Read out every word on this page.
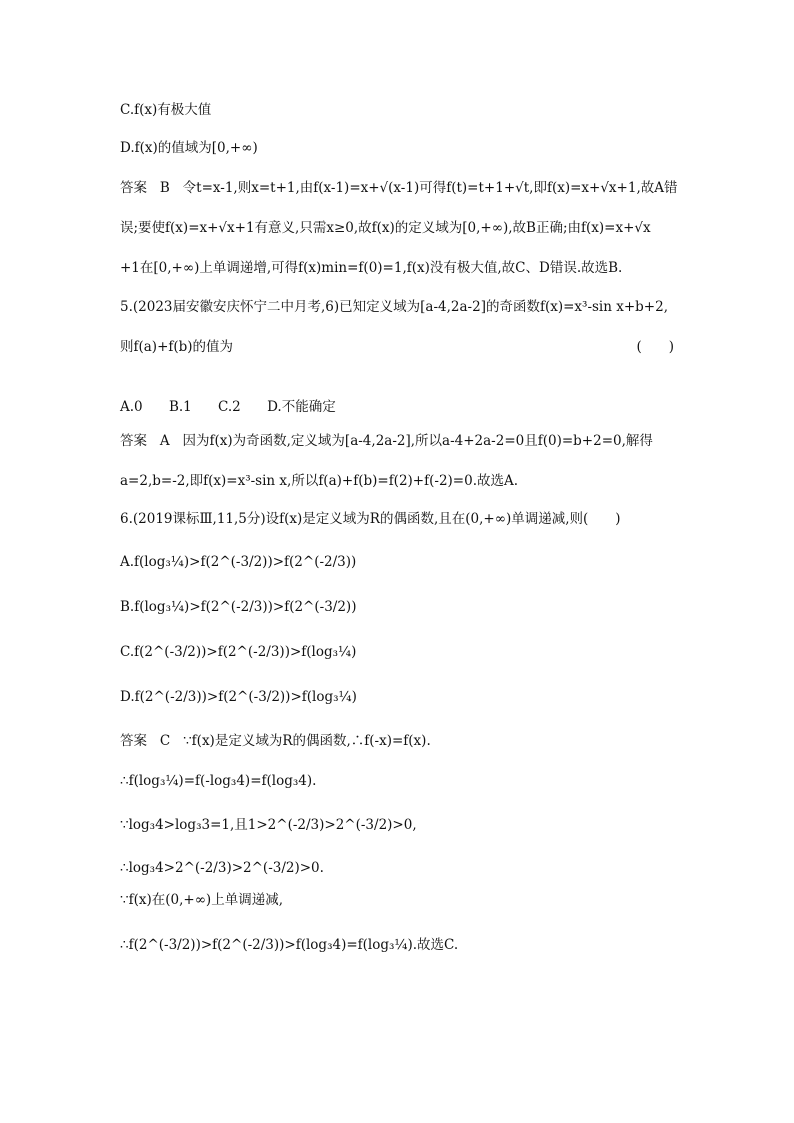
C.f(x)有极大值
D.f(x)的值域为[0,+∞)
答案 B 令t=x-1,则x=t+1,由f(x-1)=x+√(x-1)可得f(t)=t+1+√t,即f(x)=x+√x+1,故A错
误;要使f(x)=x+√x+1有意义,只需x≥0,故f(x)的定义域为[0,+∞),故B正确;由f(x)=x+√x
+1在[0,+∞)上单调递增,可得f(x)min=f(0)=1,f(x)没有极大值,故C、D错误.故选B.
5.(2023届安徽安庆怀宁二中月考,6)已知定义域为[a-4,2a-2]的奇函数f(x)=x³-sin x+b+2,
则f(a)+f(b)的值为	(　　)
A.0 B.1 C.2 D.不能确定
答案 A 因为f(x)为奇函数,定义域为[a-4,2a-2],所以a-4+2a-2=0且f(0)=b+2=0,解得
a=2,b=-2,即f(x)=x³-sin x,所以f(a)+f(b)=f(2)+f(-2)=0.故选A.
6.(2019课标Ⅲ,11,5分)设f(x)是定义域为R的偶函数,且在(0,+∞)单调递减,则(　　)
A.f(log₃¼)>f(2^(-3/2))>f(2^(-2/3))
B.f(log₃¼)>f(2^(-2/3))>f(2^(-3/2))
C.f(2^(-3/2))>f(2^(-2/3))>f(log₃¼)
D.f(2^(-2/3))>f(2^(-3/2))>f(log₃¼)
答案 C ∵f(x)是定义域为R的偶函数,∴f(-x)=f(x).
∴f(log₃¼)=f(-log₃4)=f(log₃4).
∵log₃4>log₃3=1,且1>2^(-2/3)>2^(-3/2)>0,
∴log₃4>2^(-2/3)>2^(-3/2)>0.
∵f(x)在(0,+∞)上单调递减,
∴f(2^(-3/2))>f(2^(-2/3))>f(log₃4)=f(log₃¼).故选C.
